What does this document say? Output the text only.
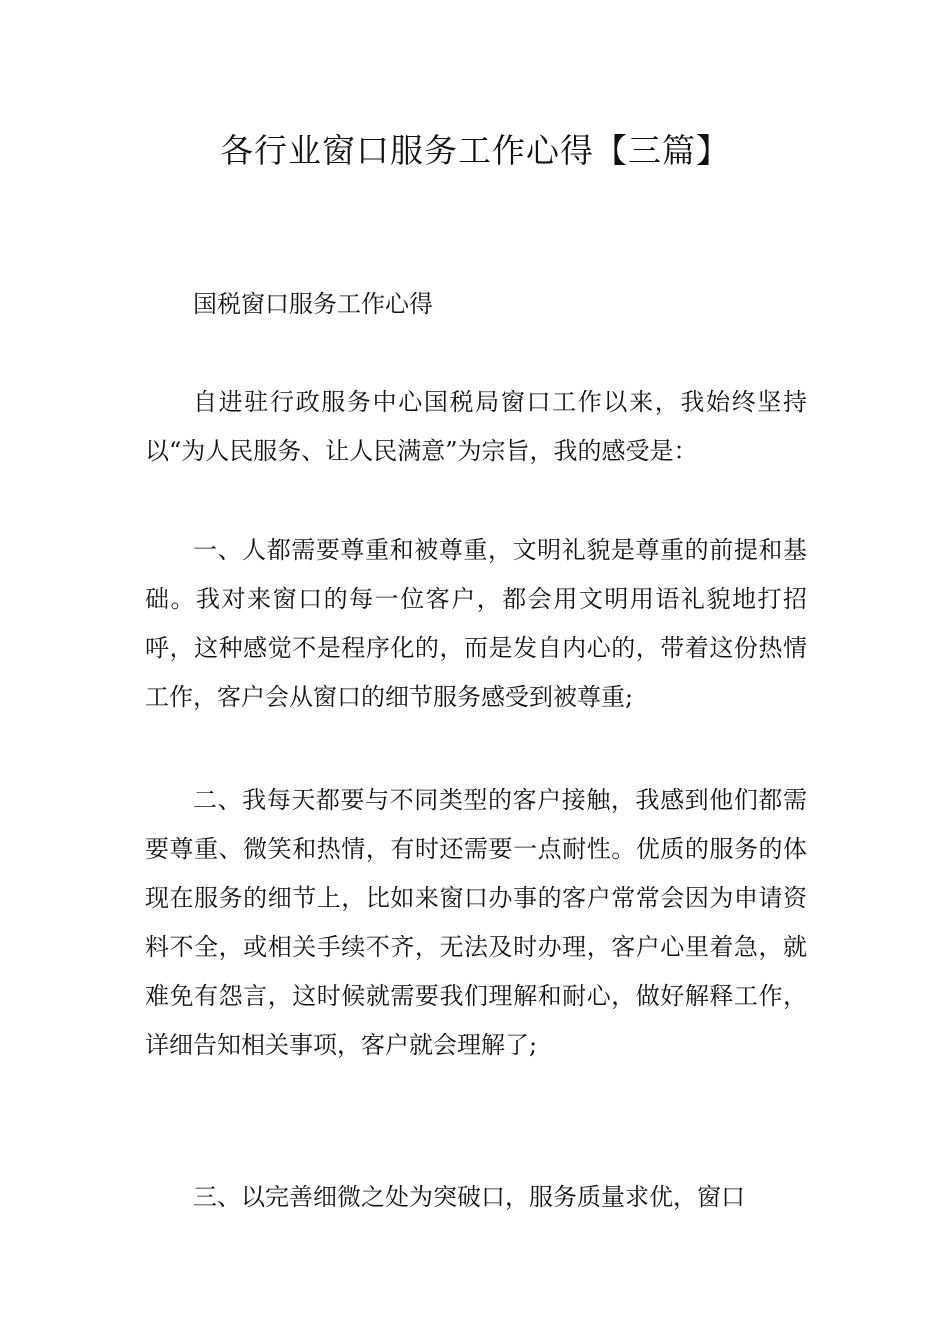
各行业窗口服务工作心得【三篇】
国税窗口服务工作心得
自进驻行政服务中心国税局窗口工作以来，我始终坚持以“为人民服务、让人民满意”为宗旨，我的感受是：
一、人都需要尊重和被尊重，文明礼貌是尊重的前提和基础。我对来窗口的每一位客户，都会用文明用语礼貌地打招呼，这种感觉不是程序化的，而是发自内心的，带着这份热情工作，客户会从窗口的细节服务感受到被尊重;
二、我每天都要与不同类型的客户接触，我感到他们都需要尊重、微笑和热情，有时还需要一点耐性。优质的服务的体现在服务的细节上，比如来窗口办事的客户常常会因为申请资料不全，或相关手续不齐，无法及时办理，客户心里着急，就难免有怨言，这时候就需要我们理解和耐心，做好解释工作，详细告知相关事项，客户就会理解了;
三、以完善细微之处为突破口，服务质量求优，窗口
